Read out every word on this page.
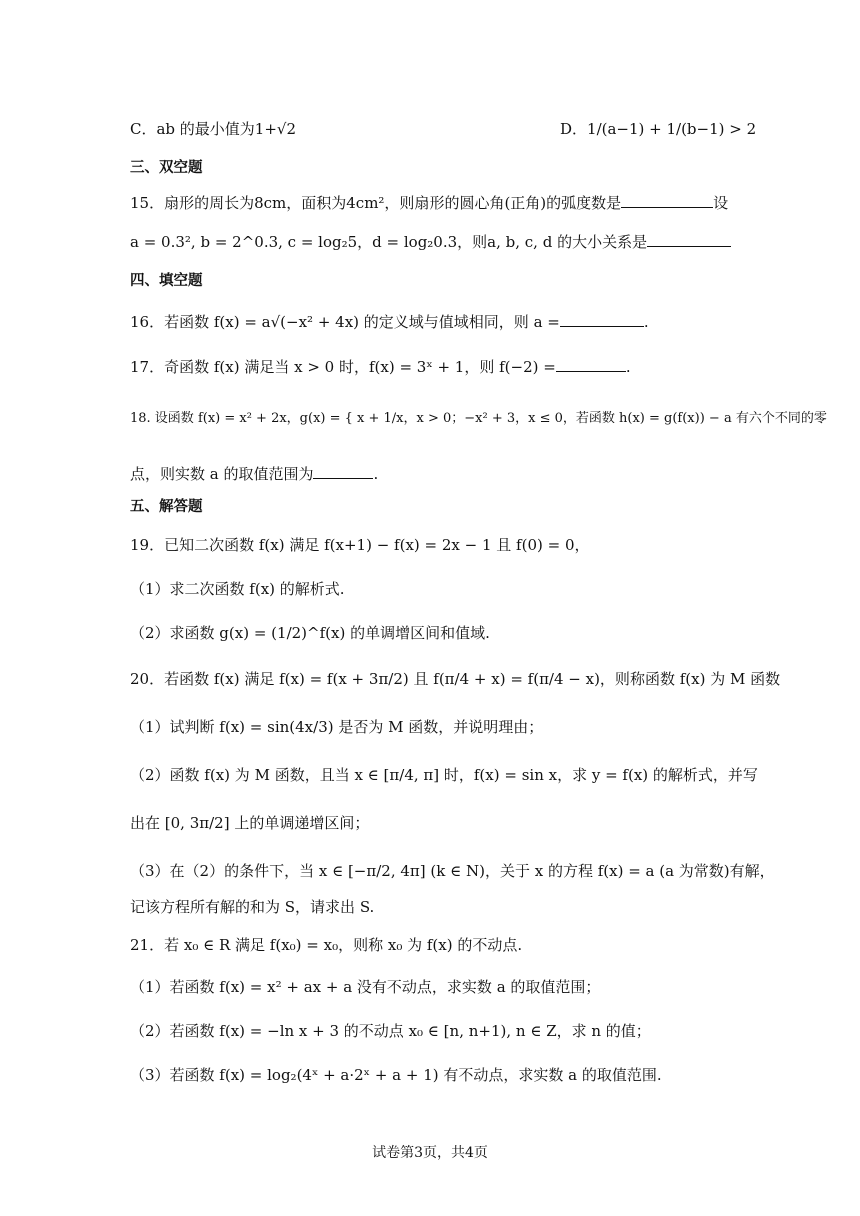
C．ab 的最小值为1+√2	D．1/(a−1) + 1/(b−1) > 2
三、双空题
15．扇形的周长为8cm，面积为4cm²，则扇形的圆心角(正角)的弧度数是	设
a = 0.3², b = 2^0.3, c = log₂5，d = log₂0.3，则a, b, c, d 的大小关系是
四、填空题
16．若函数 f(x) = a√(−x² + 4x) 的定义域与值域相同，则 a =	.
17．奇函数 f(x) 满足当 x > 0 时，f(x) = 3ˣ + 1，则 f(−2) =	.
18. 设函数 f(x) = x² + 2x，g(x) = { x + 1/x，x > 0；−x² + 3，x ≤ 0，若函数 h(x) = g(f(x)) − a 有六个不同的零
点，则实数 a 的取值范围为	.
五、解答题
19．已知二次函数 f(x) 满足 f(x+1) − f(x) = 2x − 1 且 f(0) = 0，
（1）求二次函数 f(x) 的解析式.
（2）求函数 g(x) = (1/2)^f(x) 的单调增区间和值域.
20．若函数 f(x) 满足 f(x) = f(x + 3π/2) 且 f(π/4 + x) = f(π/4 − x)，则称函数 f(x) 为 M 函数
（1）试判断 f(x) = sin(4x/3) 是否为 M 函数，并说明理由；
（2）函数 f(x) 为 M 函数，且当 x ∈ [π/4, π] 时，f(x) = sin x，求 y = f(x) 的解析式，并写
出在 [0, 3π/2] 上的单调递增区间；
（3）在（2）的条件下，当 x ∈ [−π/2, 4π] (k ∈ N)，关于 x 的方程 f(x) = a (a 为常数)有解，
记该方程所有解的和为 S，请求出 S.
21．若 x₀ ∈ R 满足 f(x₀) = x₀，则称 x₀ 为 f(x) 的不动点.
（1）若函数 f(x) = x² + ax + a 没有不动点，求实数 a 的取值范围；
（2）若函数 f(x) = −ln x + 3 的不动点 x₀ ∈ [n, n+1), n ∈ Z，求 n 的值；
（3）若函数 f(x) = log₂(4ˣ + a·2ˣ + a + 1) 有不动点，求实数 a 的取值范围.
试卷第3页，共4页
